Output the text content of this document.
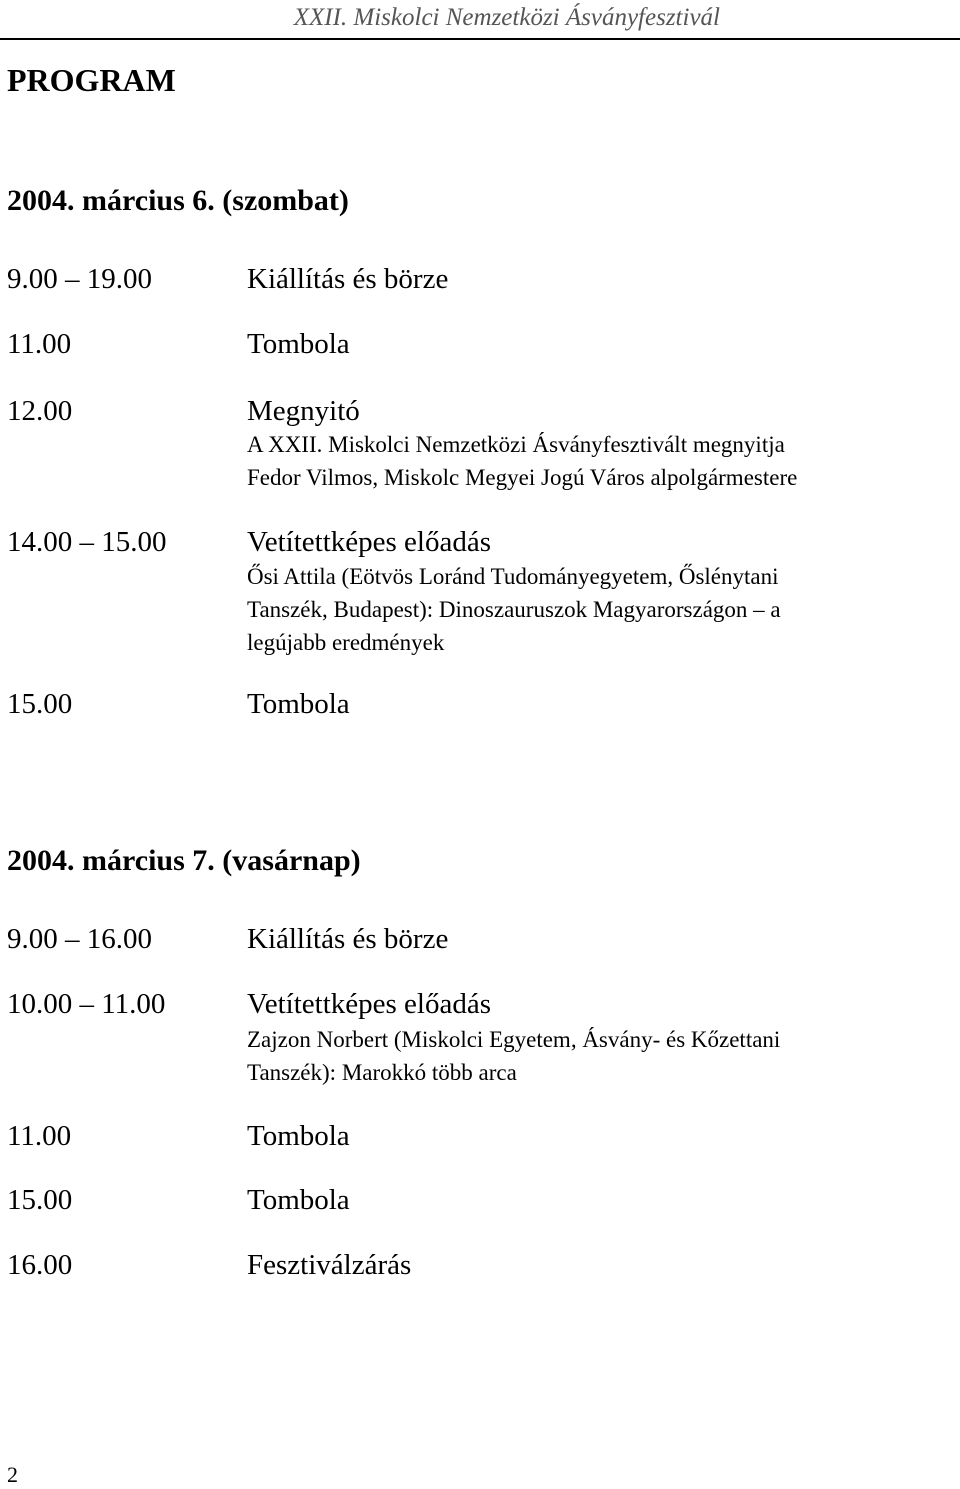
XXII. Miskolci Nemzetközi Ásványfesztivál
PROGRAM
2004. március 6. (szombat)
9.00 – 19.00	Kiállítás és börze
11.00	Tombola
12.00	Megnyitó
A XXII. Miskolci Nemzetközi Ásványfesztivált megnyitja
Fedor Vilmos, Miskolc Megyei Jogú Város alpolgármestere
14.00 – 15.00	Vetítettképes előadás
Ősi Attila (Eötvös Loránd Tudományegyetem, Őslénytani
Tanszék, Budapest): Dinoszauruszok Magyarországon – a
legújabb eredmények
15.00	Tombola
2004. március 7. (vasárnap)
9.00 – 16.00	Kiállítás és börze
10.00 – 11.00	Vetítettképes előadás
Zajzon Norbert (Miskolci Egyetem, Ásvány- és Kőzettani
Tanszék): Marokkó több arca
11.00	Tombola
15.00	Tombola
16.00	Fesztiválzárás
2
